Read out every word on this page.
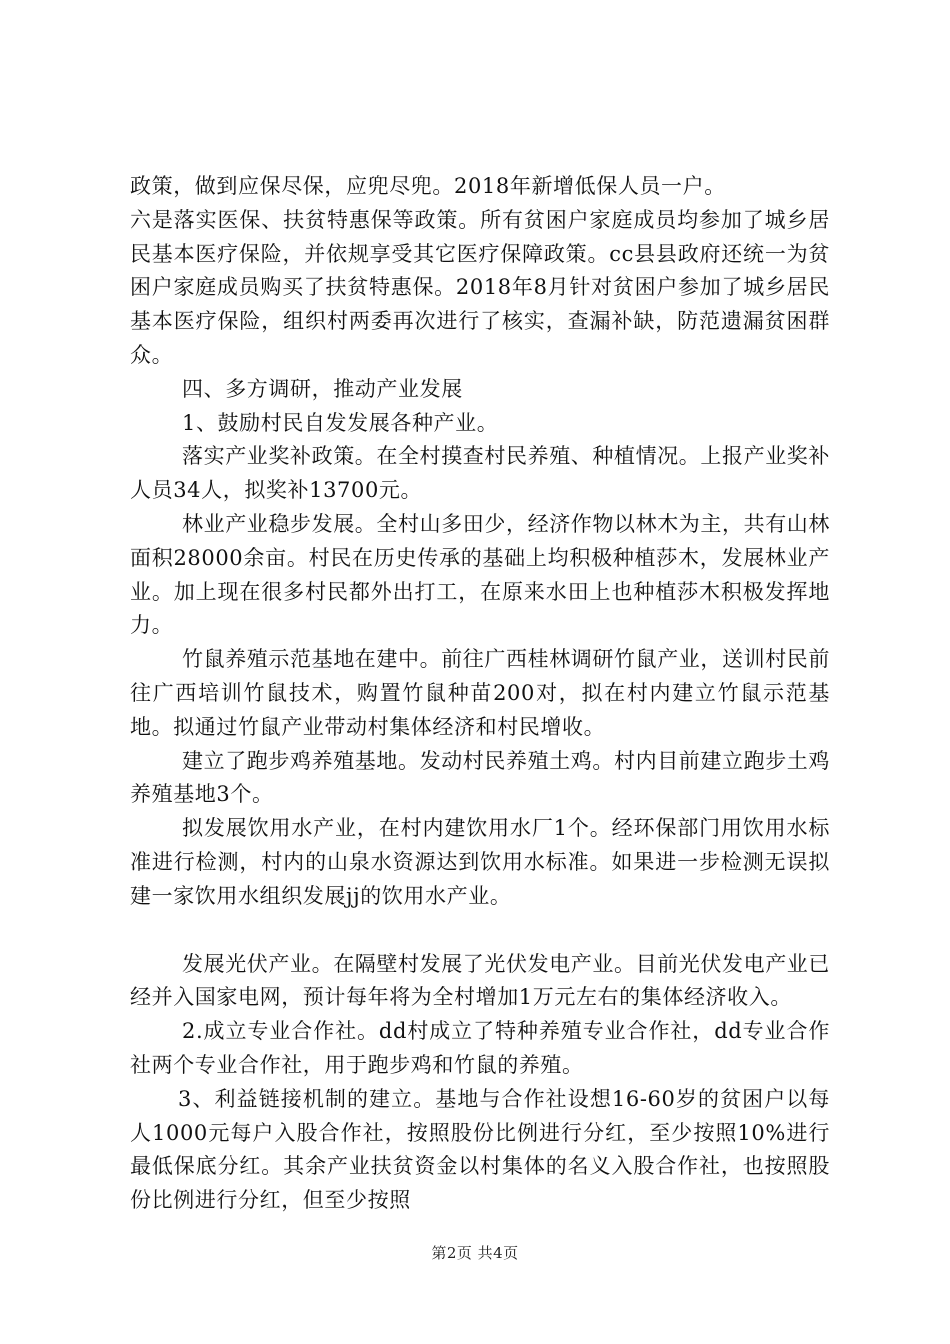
政策，做到应保尽保，应兜尽兜。2018年新增低保人员一户。

六是落实医保、扶贫特惠保等政策。所有贫困户家庭成员均参加了城乡居民基本医疗保险，并依规享受其它医疗保障政策。cc县县政府还统一为贫困户家庭成员购买了扶贫特惠保。2018年8月针对贫困户参加了城乡居民基本医疗保险，组织村两委再次进行了核实，查漏补缺，防范遗漏贫困群众。

四、多方调研，推动产业发展

1、鼓励村民自发发展各种产业。

落实产业奖补政策。在全村摸查村民养殖、种植情况。上报产业奖补人员34人，拟奖补13700元。

林业产业稳步发展。全村山多田少，经济作物以林木为主，共有山林面积28000余亩。村民在历史传承的基础上均积极种植莎木，发展林业产业。加上现在很多村民都外出打工，在原来水田上也种植莎木积极发挥地力。

竹鼠养殖示范基地在建中。前往广西桂林调研竹鼠产业，送训村民前往广西培训竹鼠技术，购置竹鼠种苗200对，拟在村内建立竹鼠示范基地。拟通过竹鼠产业带动村集体经济和村民增收。

建立了跑步鸡养殖基地。发动村民养殖土鸡。村内目前建立跑步土鸡养殖基地3个。

拟发展饮用水产业，在村内建饮用水厂1个。经环保部门用饮用水标准进行检测，村内的山泉水资源达到饮用水标准。如果进一步检测无误拟建一家饮用水组织发展jj的饮用水产业。

发展光伏产业。在隔壁村发展了光伏发电产业。目前光伏发电产业已经并入国家电网，预计每年将为全村增加1万元左右的集体经济收入。

2.成立专业合作社。dd村成立了特种养殖专业合作社，dd专业合作社两个专业合作社，用于跑步鸡和竹鼠的养殖。

3、利益链接机制的建立。基地与合作社设想16-60岁的贫困户以每人1000元每户入股合作社，按照股份比例进行分红，至少按照10%进行最低保底分红。其余产业扶贫资金以村集体的名义入股合作社，也按照股份比例进行分红，但至少按照

第2页 共4页
